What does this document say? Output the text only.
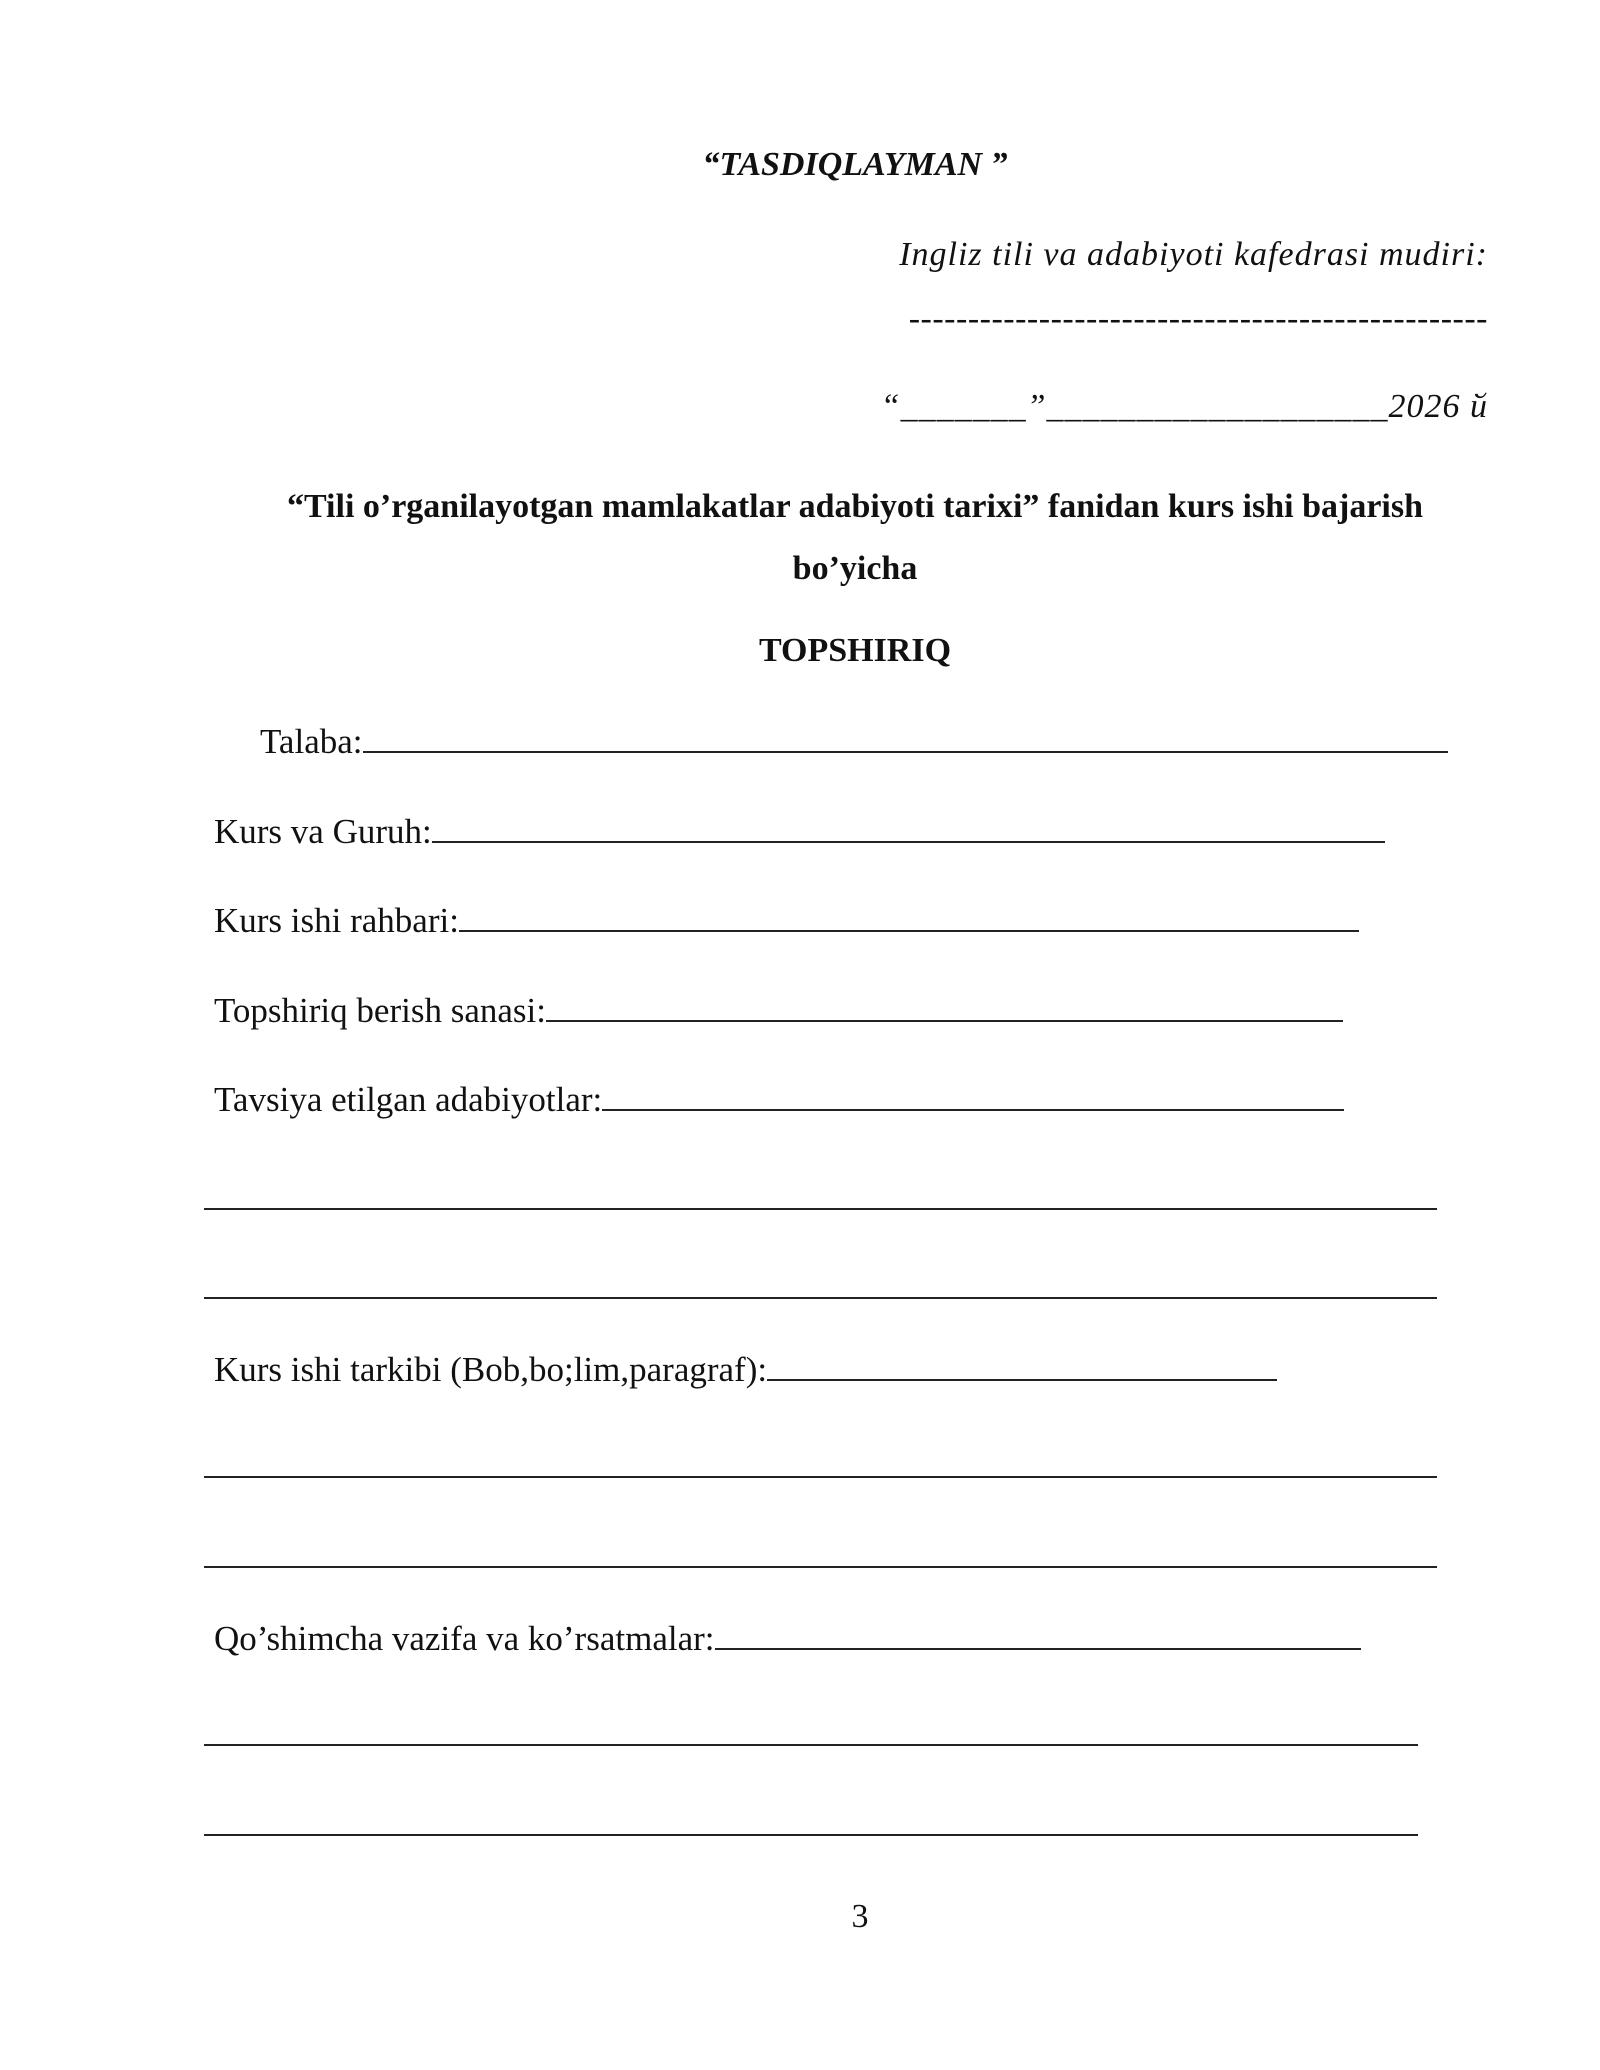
“TASDIQLAYMAN ”
Ingliz tili va adabiyoti kafedrasi mudiri:
-------------------------------------------------
“_______”___________________2026 й
“Tili o’rganilayotgan mamlakatlar adabiyoti tarixi” fanidan kurs ishi bajarish bo’yicha
TOPSHIRIQ
Talaba:
Kurs va Guruh:
Kurs ishi rahbari:
Topshiriq berish sanasi:
Tavsiya etilgan adabiyotlar:
Kurs ishi tarkibi (Bob,bo;lim,paragraf):
Qo’shimcha vazifa va ko’rsatmalar:
3
